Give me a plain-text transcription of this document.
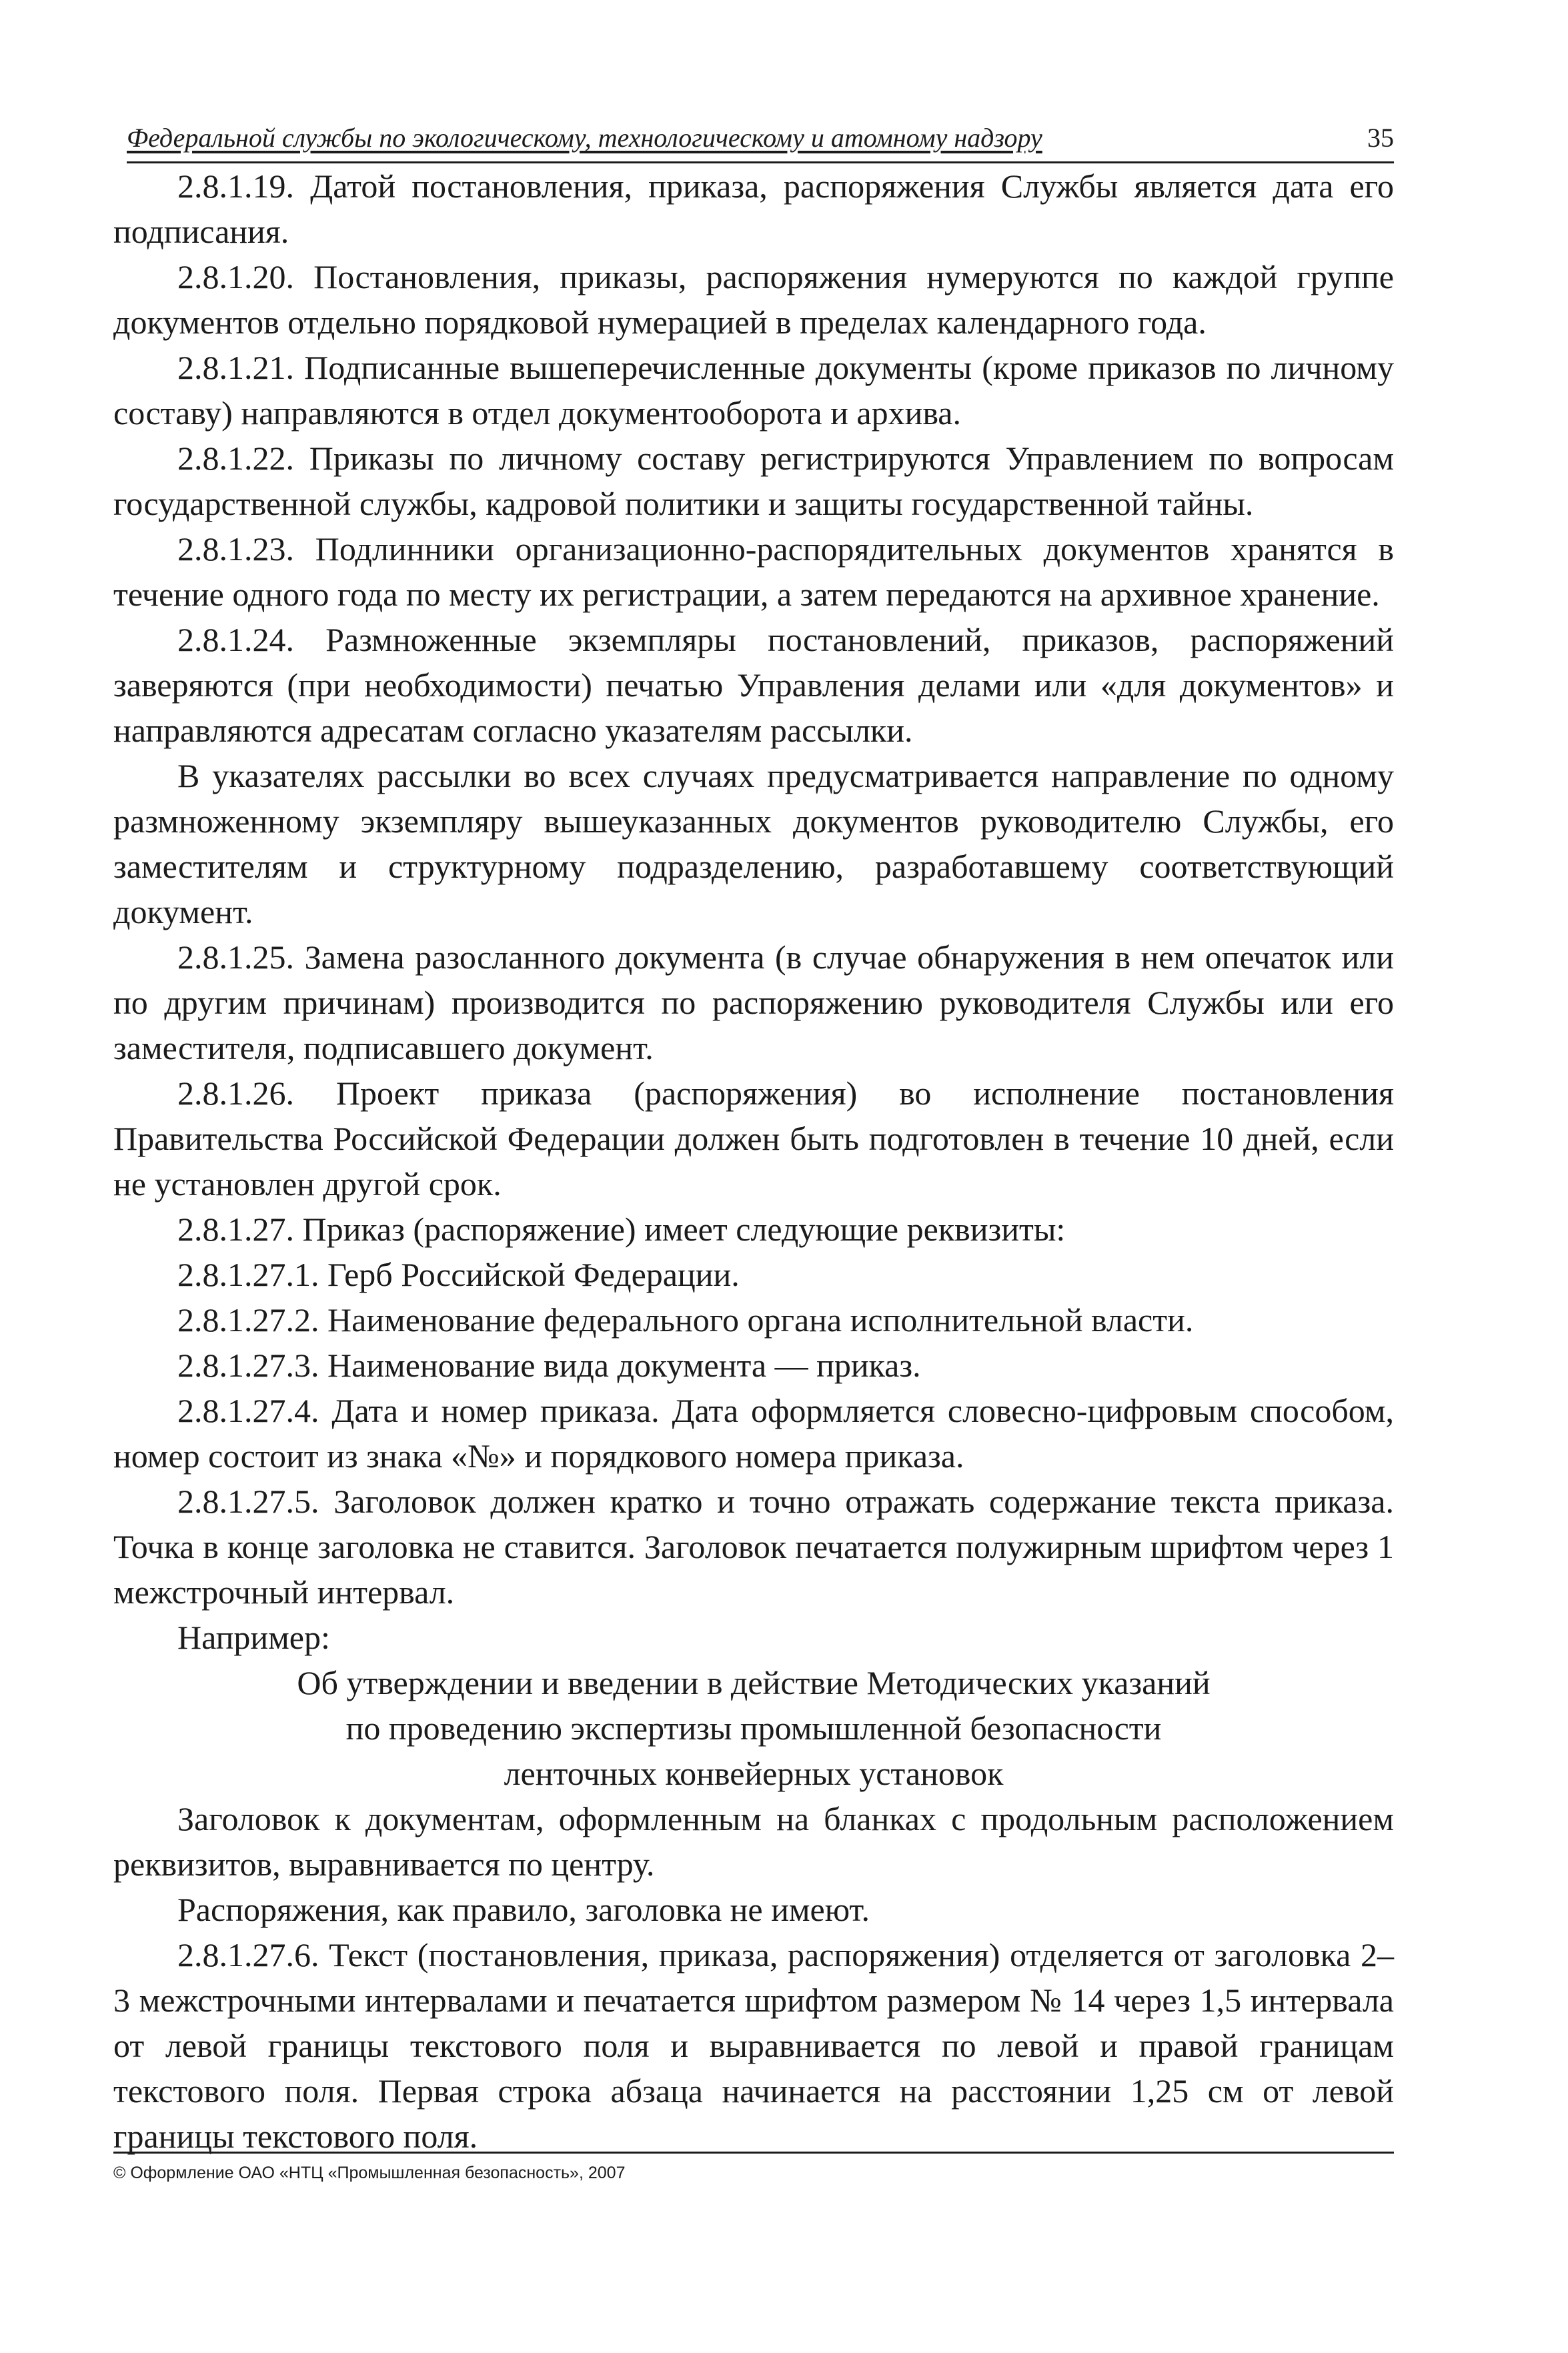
Федеральной службы по экологическому, технологическому и атомному надзору	35

2.8.1.19. Датой постановления, приказа, распоряжения Службы является дата его подписания.

2.8.1.20. Постановления, приказы, распоряжения нумеруются по каждой группе документов отдельно порядковой нумерацией в пределах календарного года.

2.8.1.21. Подписанные вышеперечисленные документы (кроме приказов по личному составу) направляются в отдел документооборота и архива.

2.8.1.22. Приказы по личному составу регистрируются Управлением по вопросам государственной службы, кадровой политики и защиты государственной тайны.

2.8.1.23. Подлинники организационно-распорядительных документов хранятся в течение одного года по месту их регистрации, а затем передаются на архивное хранение.

2.8.1.24. Размноженные экземпляры постановлений, приказов, распоряжений заверяются (при необходимости) печатью Управления делами или «для документов» и направляются адресатам согласно указателям рассылки.

В указателях рассылки во всех случаях предусматривается направление по одному размноженному экземпляру вышеуказанных документов руководителю Службы, его заместителям и структурному подразделению, разработавшему соответствующий документ.

2.8.1.25. Замена разосланного документа (в случае обнаружения в нем опечаток или по другим причинам) производится по распоряжению руководителя Службы или его заместителя, подписавшего документ.

2.8.1.26. Проект приказа (распоряжения) во исполнение постановления Правительства Российской Федерации должен быть подготовлен в течение 10 дней, если не установлен другой срок.

2.8.1.27. Приказ (распоряжение) имеет следующие реквизиты:

2.8.1.27.1. Герб Российской Федерации.

2.8.1.27.2. Наименование федерального органа исполнительной власти.

2.8.1.27.3. Наименование вида документа — приказ.

2.8.1.27.4. Дата и номер приказа. Дата оформляется словесно-цифровым способом, номер состоит из знака «№» и порядкового номера приказа.

2.8.1.27.5. Заголовок должен кратко и точно отражать содержание текста приказа. Точка в конце заголовка не ставится. Заголовок печатается полужирным шрифтом через 1 межстрочный интервал.

Например:

Об утверждении и введении в действие Методических указаний
по проведению экспертизы промышленной безопасности
ленточных конвейерных установок

Заголовок к документам, оформленным на бланках с продольным расположением реквизитов, выравнивается по центру.

Распоряжения, как правило, заголовка не имеют.

2.8.1.27.6. Текст (постановления, приказа, распоряжения) отделяется от заголовка 2–3 межстрочными интервалами и печатается шрифтом размером № 14 через 1,5 интервала от левой границы текстового поля и выравнивается по левой и правой границам текстового поля. Первая строка абзаца начинается на расстоянии 1,25 см от левой границы текстового поля.

© Оформление ОАО «НТЦ «Промышленная безопасность», 2007
